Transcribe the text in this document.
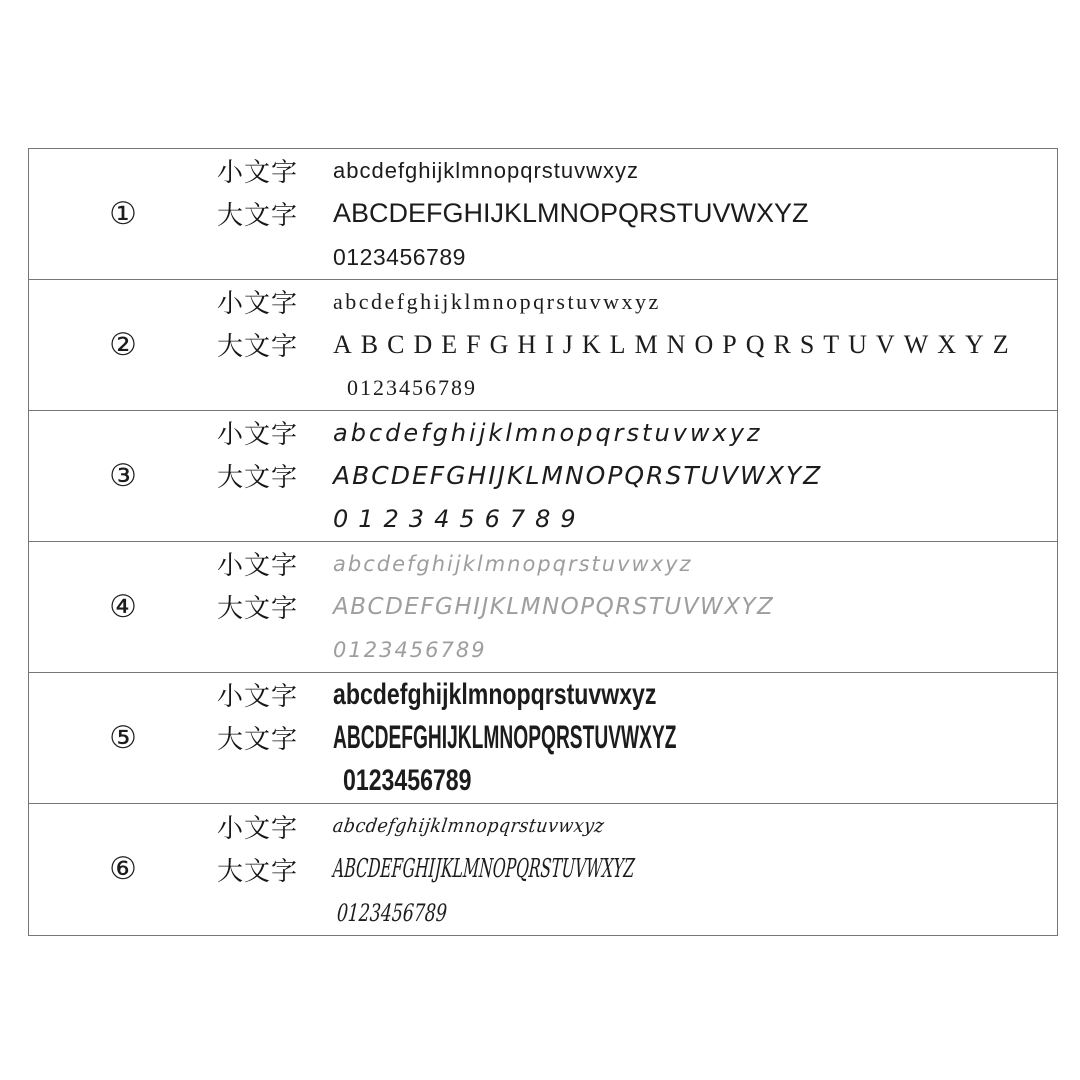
①
小文字	abcdefghijklmnopqrstuvwxyz
大文字	ABCDEFGHIJKLMNOPQRSTUVWXYZ
0123456789
②
小文字	abcdefghijklmnopqrstuvwxyz
大文字	ABCDEFGHIJKLMNOPQRSTUVWXYZ
0123456789
③
小文字	abcdefghijklmnopqrstuvwxyz
大文字	ABCDEFGHIJKLMNOPQRSTUVWXYZ
0123456789
④
小文字	abcdefghijklmnopqrstuvwxyz
大文字	ABCDEFGHIJKLMNOPQRSTUVWXYZ
0123456789
⑤
小文字	abcdefghijklmnopqrstuvwxyz
大文字	ABCDEFGHIJKLMNOPQRSTUVWXYZ
0123456789
⑥
小文字	abcdefghijklmnopqrstuvwxyz
大文字	ABCDEFGHIJKLMNOPQRSTUVWXYZ
0123456789
